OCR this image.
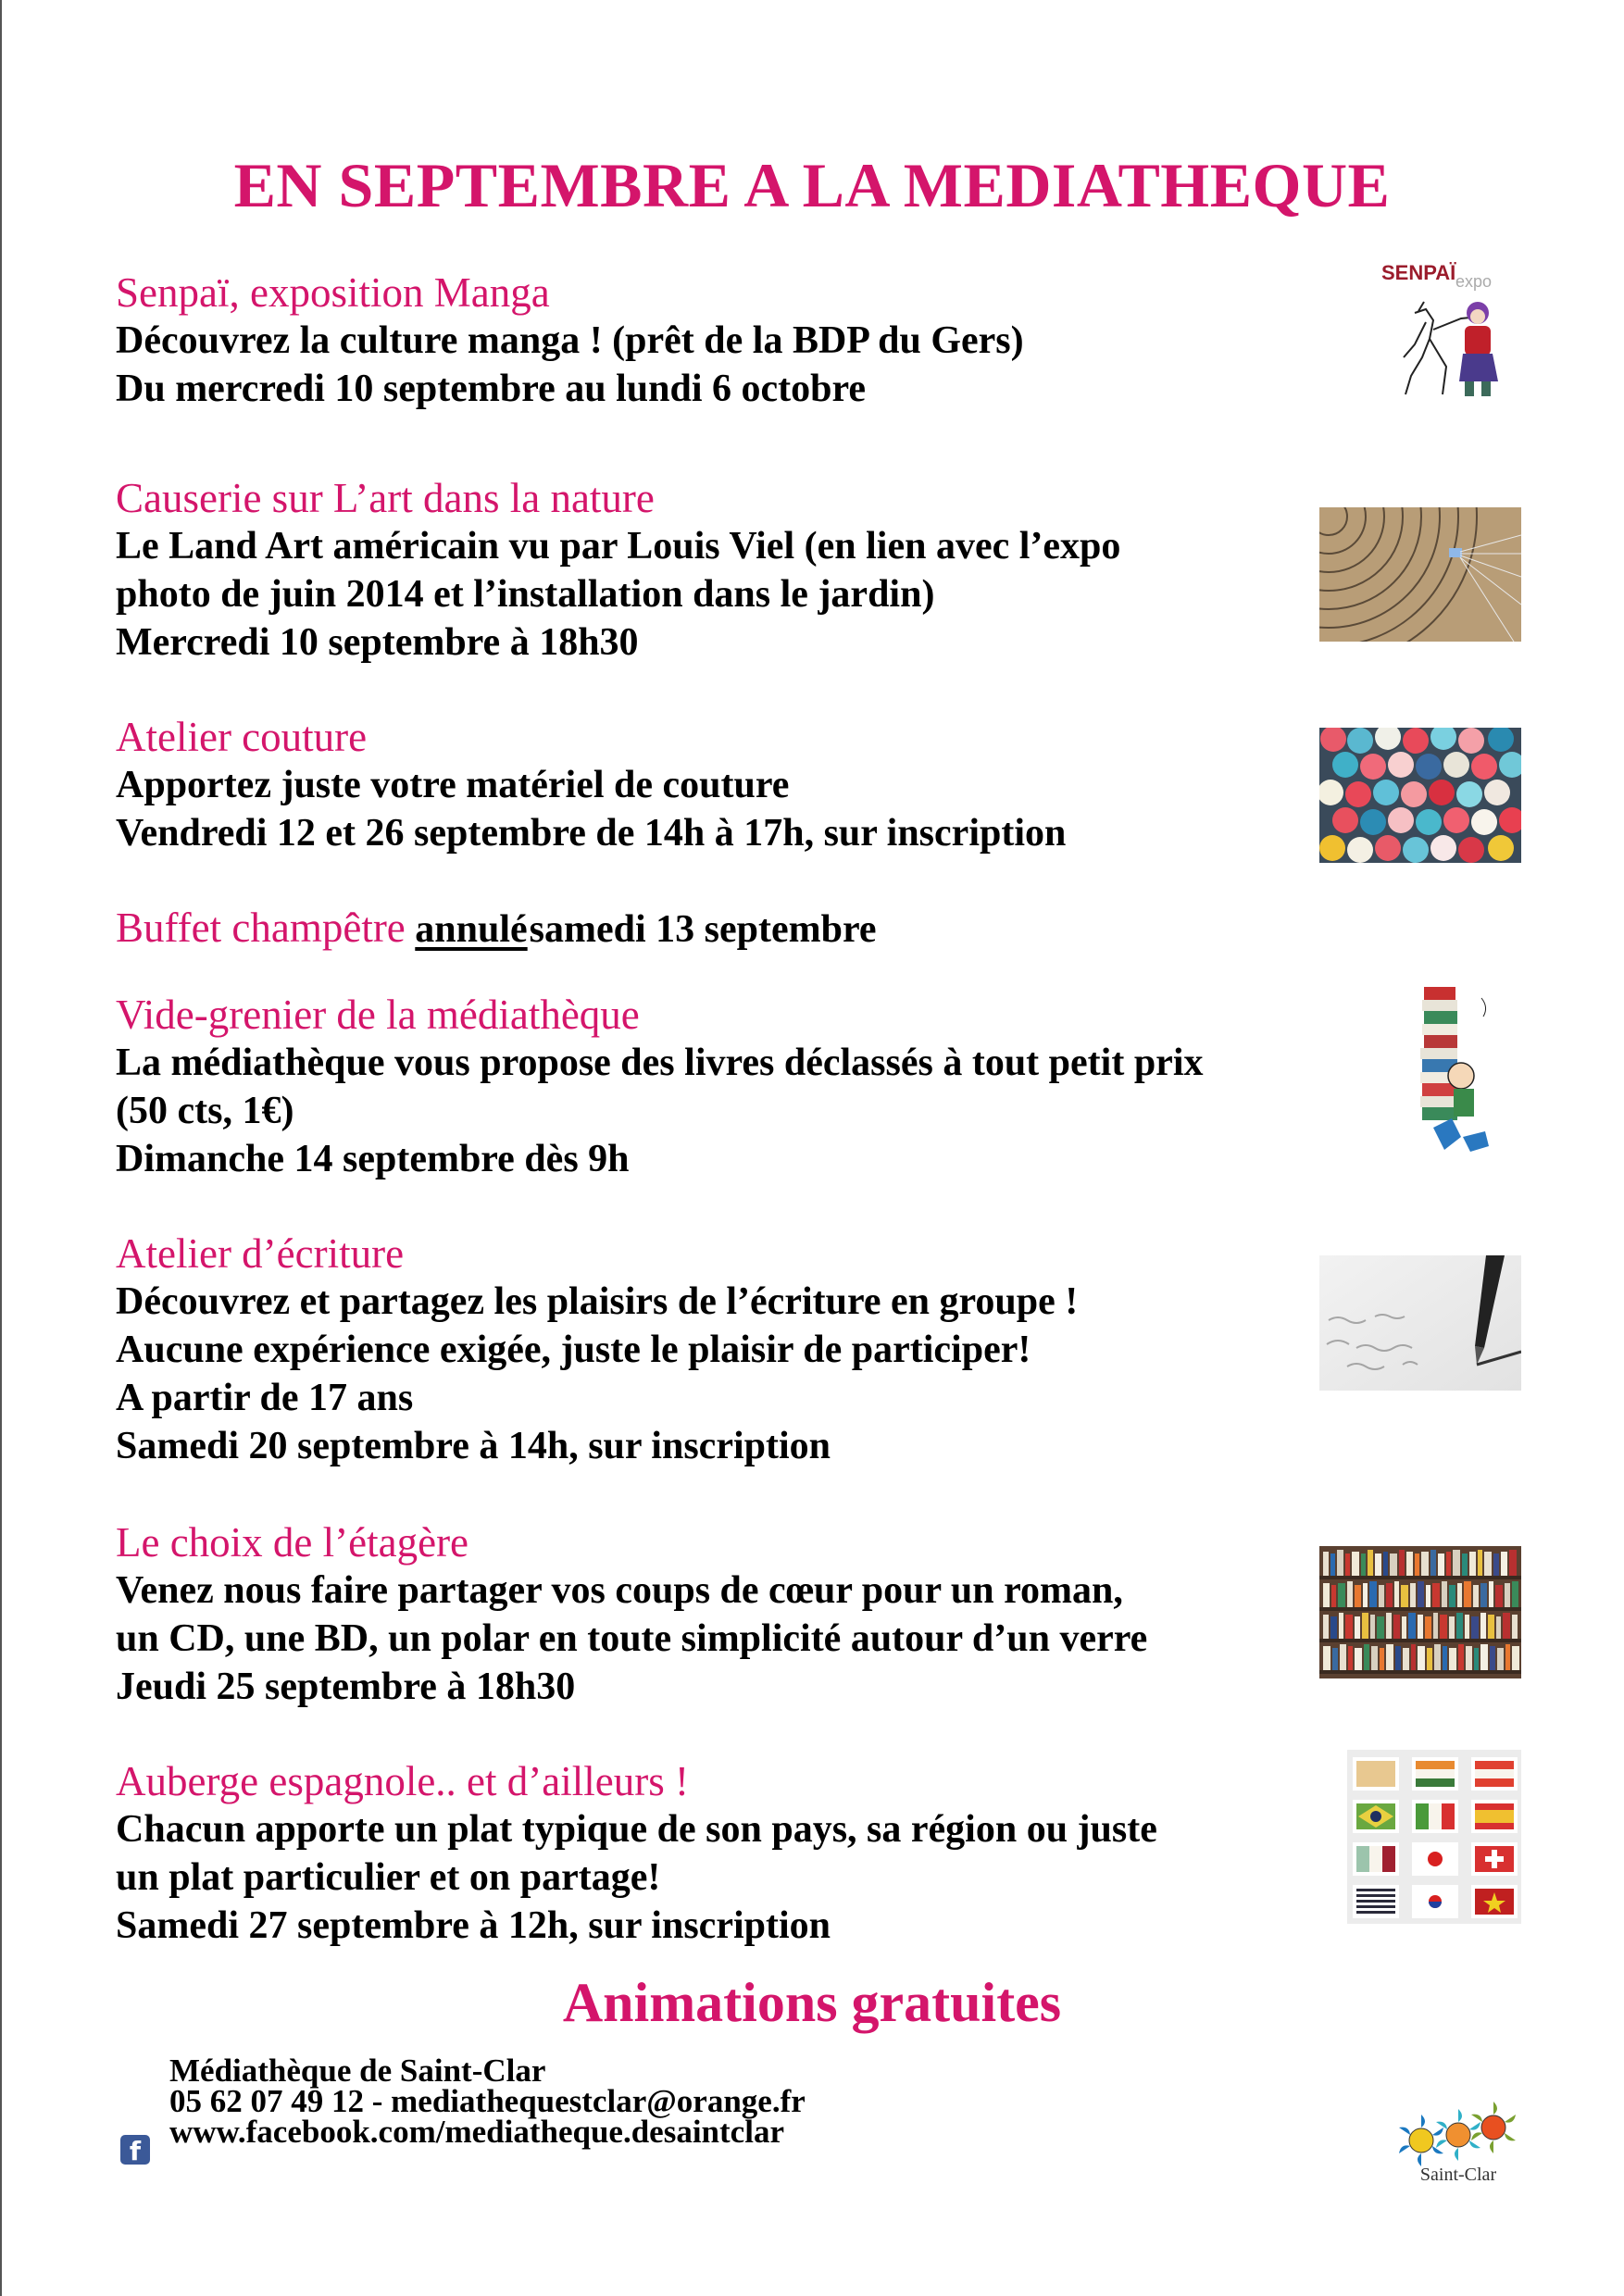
EN SEPTEMBRE A LA MEDIATHEQUE
Senpaï, exposition Manga
Découvrez la culture manga ! (prêt de la BDP du Gers)
Du mercredi 10 septembre au lundi 6 octobre
SENPAÏ expo
Causerie sur L’art dans la nature
Le Land Art américain vu par Louis Viel (en lien avec l’expo
photo de juin 2014 et l’installation dans le jardin)
Mercredi 10 septembre à 18h30
Atelier couture
Apportez juste votre matériel de couture
Vendredi 12 et 26 septembre de 14h à 17h, sur inscription
Buffet champêtre annulésamedi 13 septembre
Vide-grenier de la médiathèque
La médiathèque vous propose des livres déclassés à tout petit prix
(50 cts, 1€)
Dimanche 14 septembre dès 9h
Atelier d’écriture
Découvrez et partagez les plaisirs de l’écriture en groupe !
Aucune expérience exigée, juste le plaisir de participer!
A partir de 17 ans
Samedi 20 septembre à 14h, sur inscription
Le choix de l’étagère
Venez nous faire partager vos coups de cœur pour un roman,
un CD, une BD, un polar en toute simplicité autour d’un verre
Jeudi 25 septembre à 18h30
Auberge espagnole.. et d’ailleurs !
Chacun apporte un plat typique de son pays, sa région ou juste
un plat particulier et on partage!
Samedi 27 septembre à 12h, sur inscription
Animations gratuites
Médiathèque de Saint-Clar
05 62 07 49 12 - mediathequestclar@orange.fr
www.facebook.com/mediatheque.desaintclar
f
Saint-Clar
